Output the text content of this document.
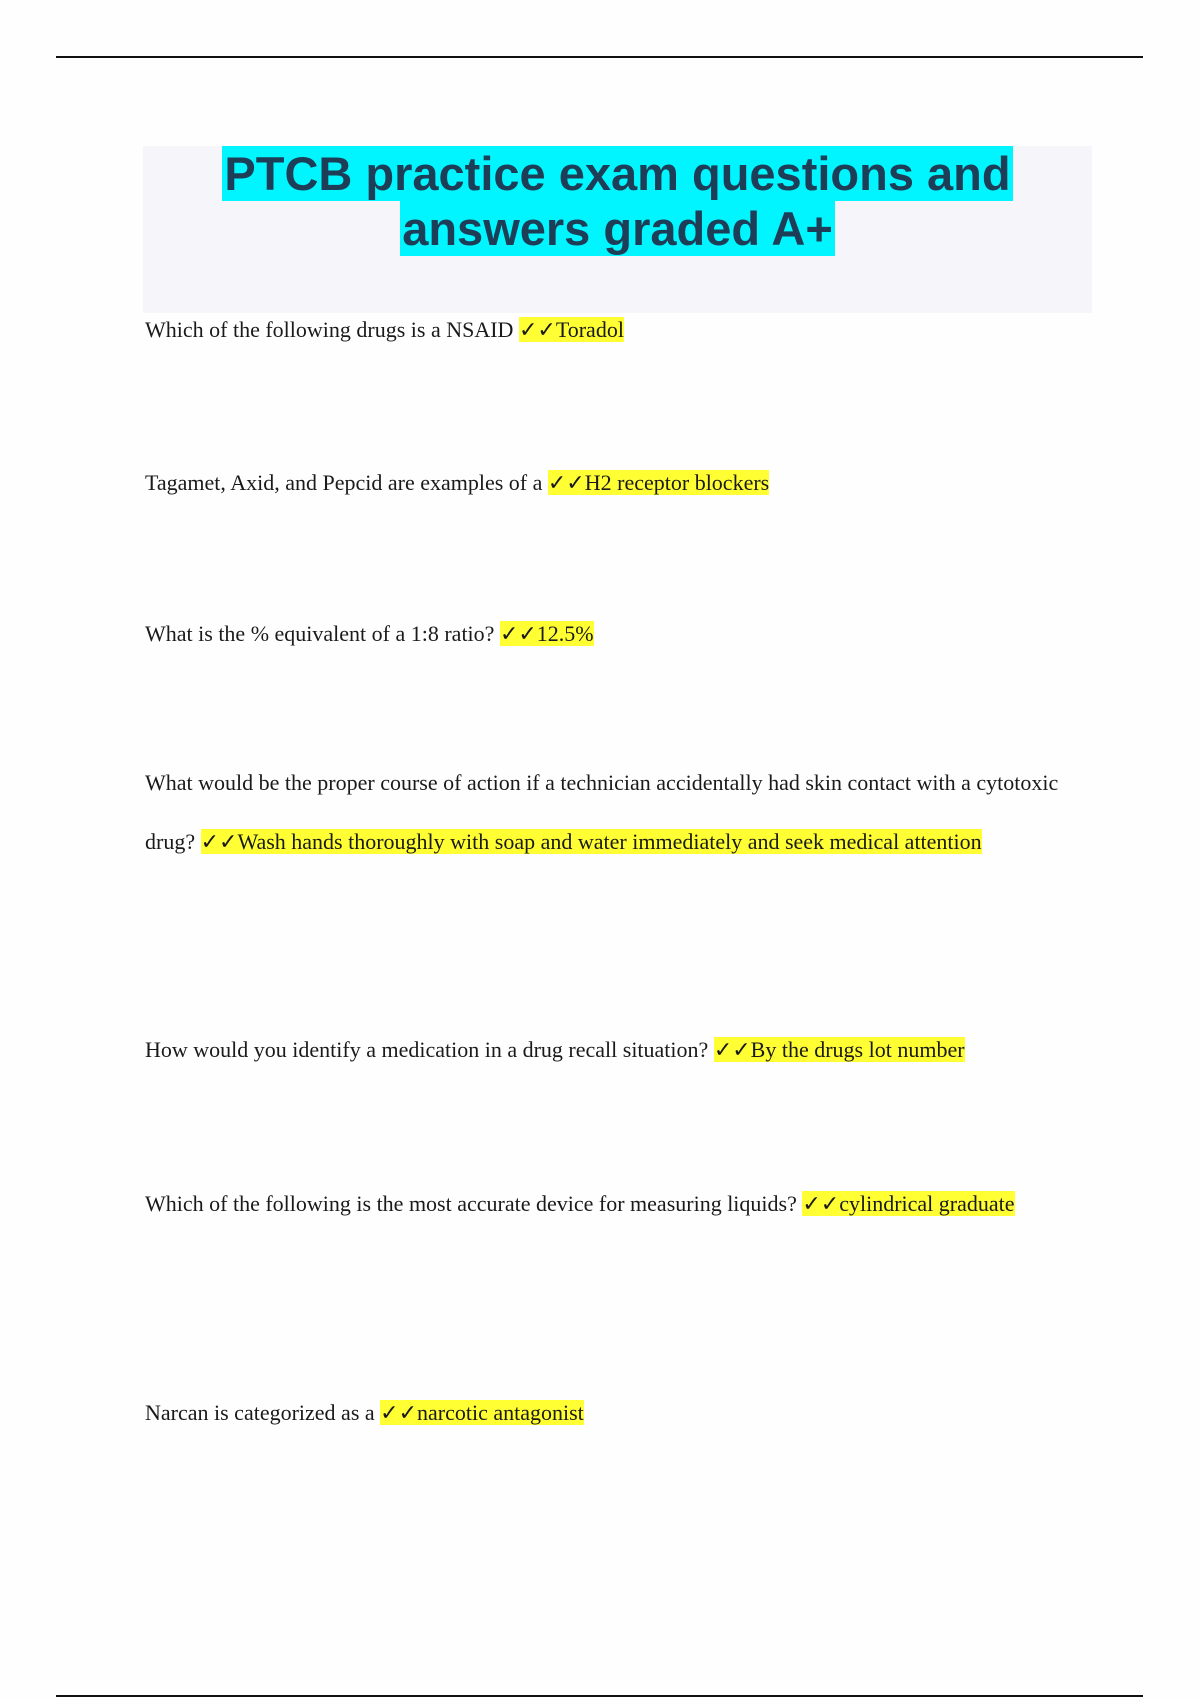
PTCB practice exam questions and
answers graded A+

Which of the following drugs is a NSAID ✓✓Toradol

Tagamet, Axid, and Pepcid are examples of a ✓✓H2 receptor blockers

What is the % equivalent of a 1:8 ratio? ✓✓12.5%

What would be the proper course of action if a technician accidentally had skin contact with a cytotoxic drug? ✓✓Wash hands thoroughly with soap and water immediately and seek medical attention

How would you identify a medication in a drug recall situation? ✓✓By the drugs lot number

Which of the following is the most accurate device for measuring liquids? ✓✓cylindrical graduate

Narcan is categorized as a ✓✓narcotic antagonist
